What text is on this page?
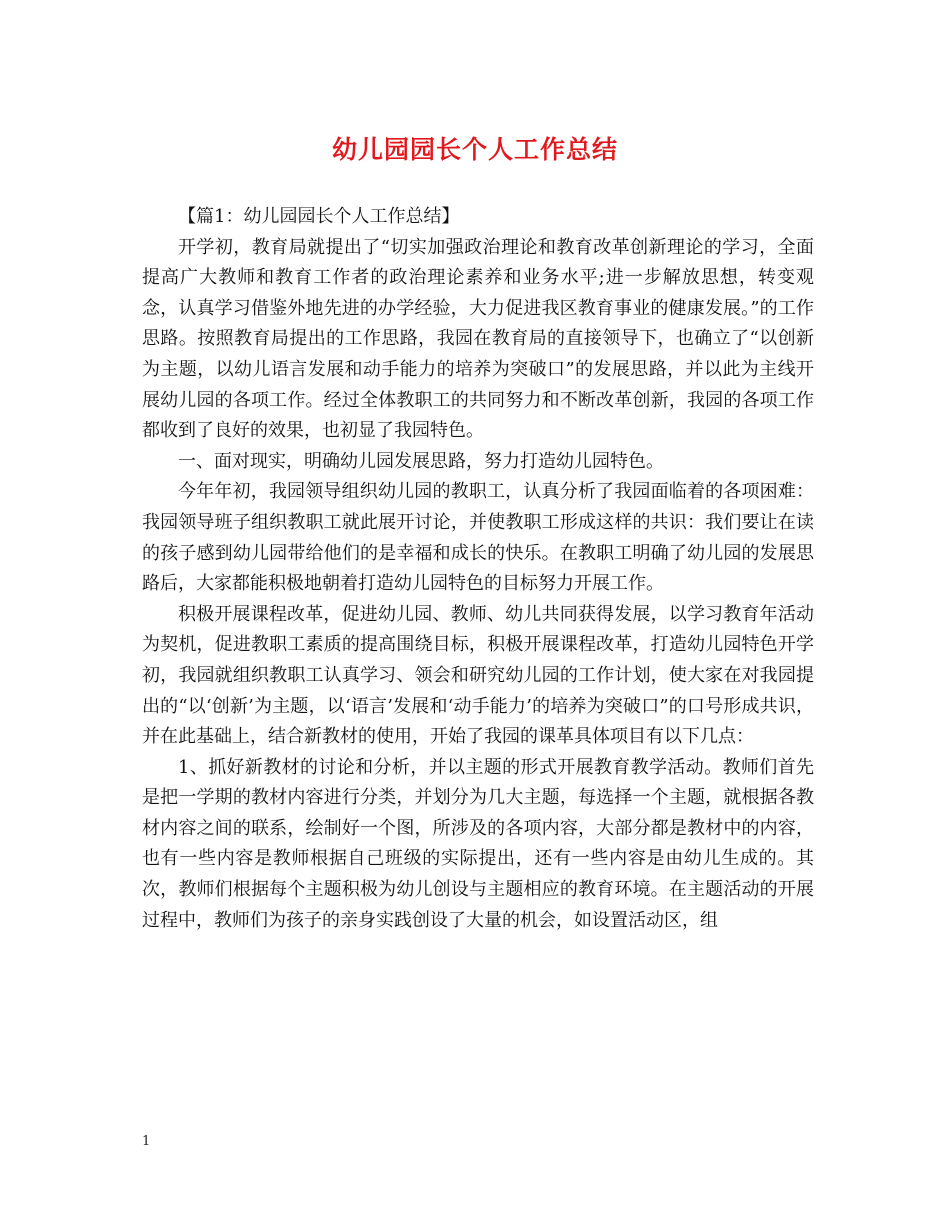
幼儿园园长个人工作总结

【篇1：幼儿园园长个人工作总结】

开学初，教育局就提出了“切实加强政治理论和教育改革创新理论的学习，全面提高广大教师和教育工作者的政治理论素养和业务水平;进一步解放思想，转变观念，认真学习借鉴外地先进的办学经验，大力促进我区教育事业的健康发展。”的工作思路。按照教育局提出的工作思路，我园在教育局的直接领导下，也确立了“以创新为主题，以幼儿语言发展和动手能力的培养为突破口”的发展思路，并以此为主线开展幼儿园的各项工作。经过全体教职工的共同努力和不断改革创新，我园的各项工作都收到了良好的效果，也初显了我园特色。

一、面对现实，明确幼儿园发展思路，努力打造幼儿园特色。

今年年初，我园领导组织幼儿园的教职工，认真分析了我园面临着的各项困难：我园领导班子组织教职工就此展开讨论，并使教职工形成这样的共识：我们要让在读的孩子感到幼儿园带给他们的是幸福和成长的快乐。在教职工明确了幼儿园的发展思路后，大家都能积极地朝着打造幼儿园特色的目标努力开展工作。

积极开展课程改革，促进幼儿园、教师、幼儿共同获得发展，以学习教育年活动为契机，促进教职工素质的提高围绕目标，积极开展课程改革，打造幼儿园特色开学初，我园就组织教职工认真学习、领会和研究幼儿园的工作计划，使大家在对我园提出的“以‘创新’为主题，以‘语言’发展和‘动手能力’的培养为突破口”的口号形成共识，并在此基础上，结合新教材的使用，开始了我园的课革具体项目有以下几点：

1、抓好新教材的讨论和分析，并以主题的形式开展教育教学活动。教师们首先是把一学期的教材内容进行分类，并划分为几大主题，每选择一个主题，就根据各教材内容之间的联系，绘制好一个图，所涉及的各项内容，大部分都是教材中的内容，也有一些内容是教师根据自己班级的实际提出，还有一些内容是由幼儿生成的。其次，教师们根据每个主题积极为幼儿创设与主题相应的教育环境。在主题活动的开展过程中，教师们为孩子的亲身实践创设了大量的机会，如设置活动区，组

1
